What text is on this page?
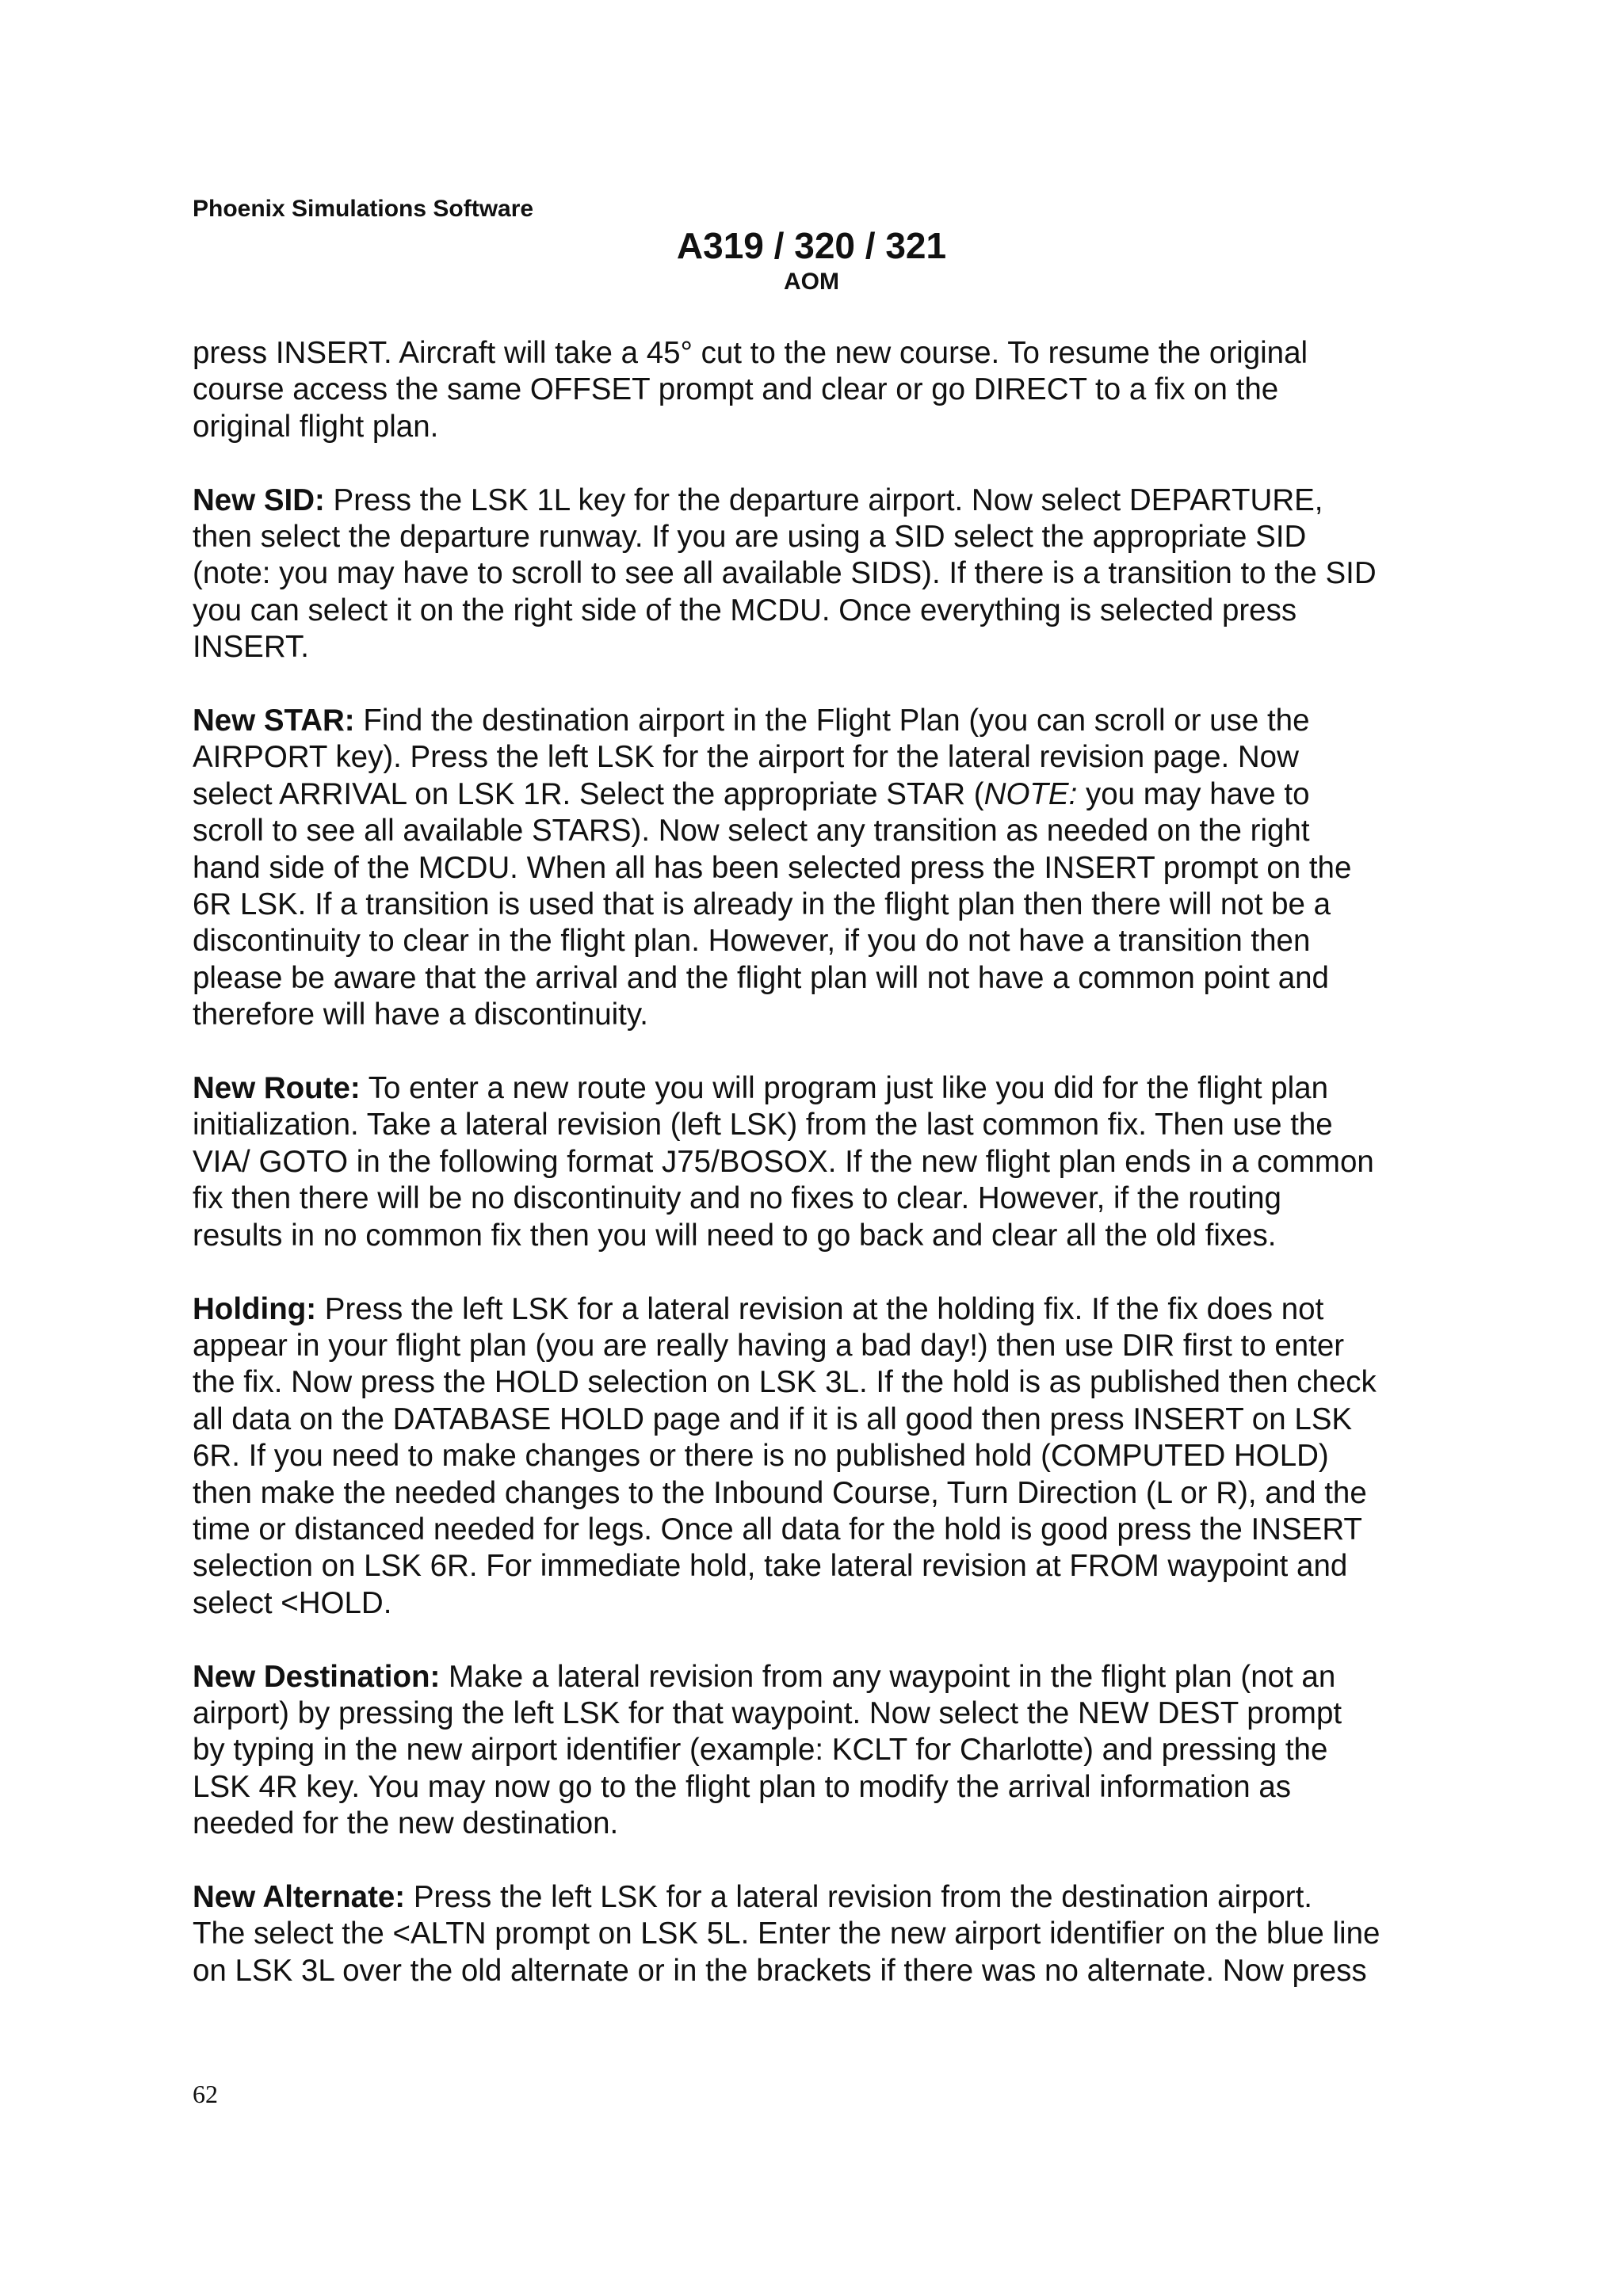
Phoenix Simulations Software
A319 / 320 / 321
AOM

press INSERT. Aircraft will take a 45° cut to the new course. To resume the original
course access the same OFFSET prompt and clear or go DIRECT to a fix on the
original flight plan.

New SID: Press the LSK 1L key for the departure airport. Now select DEPARTURE,
then select the departure runway. If you are using a SID select the appropriate SID
(note: you may have to scroll to see all available SIDS). If there is a transition to the SID
you can select it on the right side of the MCDU. Once everything is selected press
INSERT.

New STAR: Find the destination airport in the Flight Plan (you can scroll or use the
AIRPORT key). Press the left LSK for the airport for the lateral revision page. Now
select ARRIVAL on LSK 1R. Select the appropriate STAR (NOTE: you may have to
scroll to see all available STARS). Now select any transition as needed on the right
hand side of the MCDU. When all has been selected press the INSERT prompt on the
6R LSK. If a transition is used that is already in the flight plan then there will not be a
discontinuity to clear in the flight plan. However, if you do not have a transition then
please be aware that the arrival and the flight plan will not have a common point and
therefore will have a discontinuity.

New Route: To enter a new route you will program just like you did for the flight plan
initialization. Take a lateral revision (left LSK) from the last common fix. Then use the
VIA/ GOTO in the following format J75/BOSOX. If the new flight plan ends in a common
fix then there will be no discontinuity and no fixes to clear. However, if the routing
results in no common fix then you will need to go back and clear all the old fixes.

Holding: Press the left LSK for a lateral revision at the holding fix. If the fix does not
appear in your flight plan (you are really having a bad day!) then use DIR first to enter
the fix. Now press the HOLD selection on LSK 3L. If the hold is as published then check
all data on the DATABASE HOLD page and if it is all good then press INSERT on LSK
6R. If you need to make changes or there is no published hold (COMPUTED HOLD)
then make the needed changes to the Inbound Course, Turn Direction (L or R), and the
time or distanced needed for legs. Once all data for the hold is good press the INSERT
selection on LSK 6R. For immediate hold, take lateral revision at FROM waypoint and
select <HOLD.

New Destination: Make a lateral revision from any waypoint in the flight plan (not an
airport) by pressing the left LSK for that waypoint. Now select the NEW DEST prompt
by typing in the new airport identifier (example: KCLT for Charlotte) and pressing the
LSK 4R key. You may now go to the flight plan to modify the arrival information as
needed for the new destination.

New Alternate: Press the left LSK for a lateral revision from the destination airport.
The select the <ALTN prompt on LSK 5L. Enter the new airport identifier on the blue line
on LSK 3L over the old alternate or in the brackets if there was no alternate. Now press

62
